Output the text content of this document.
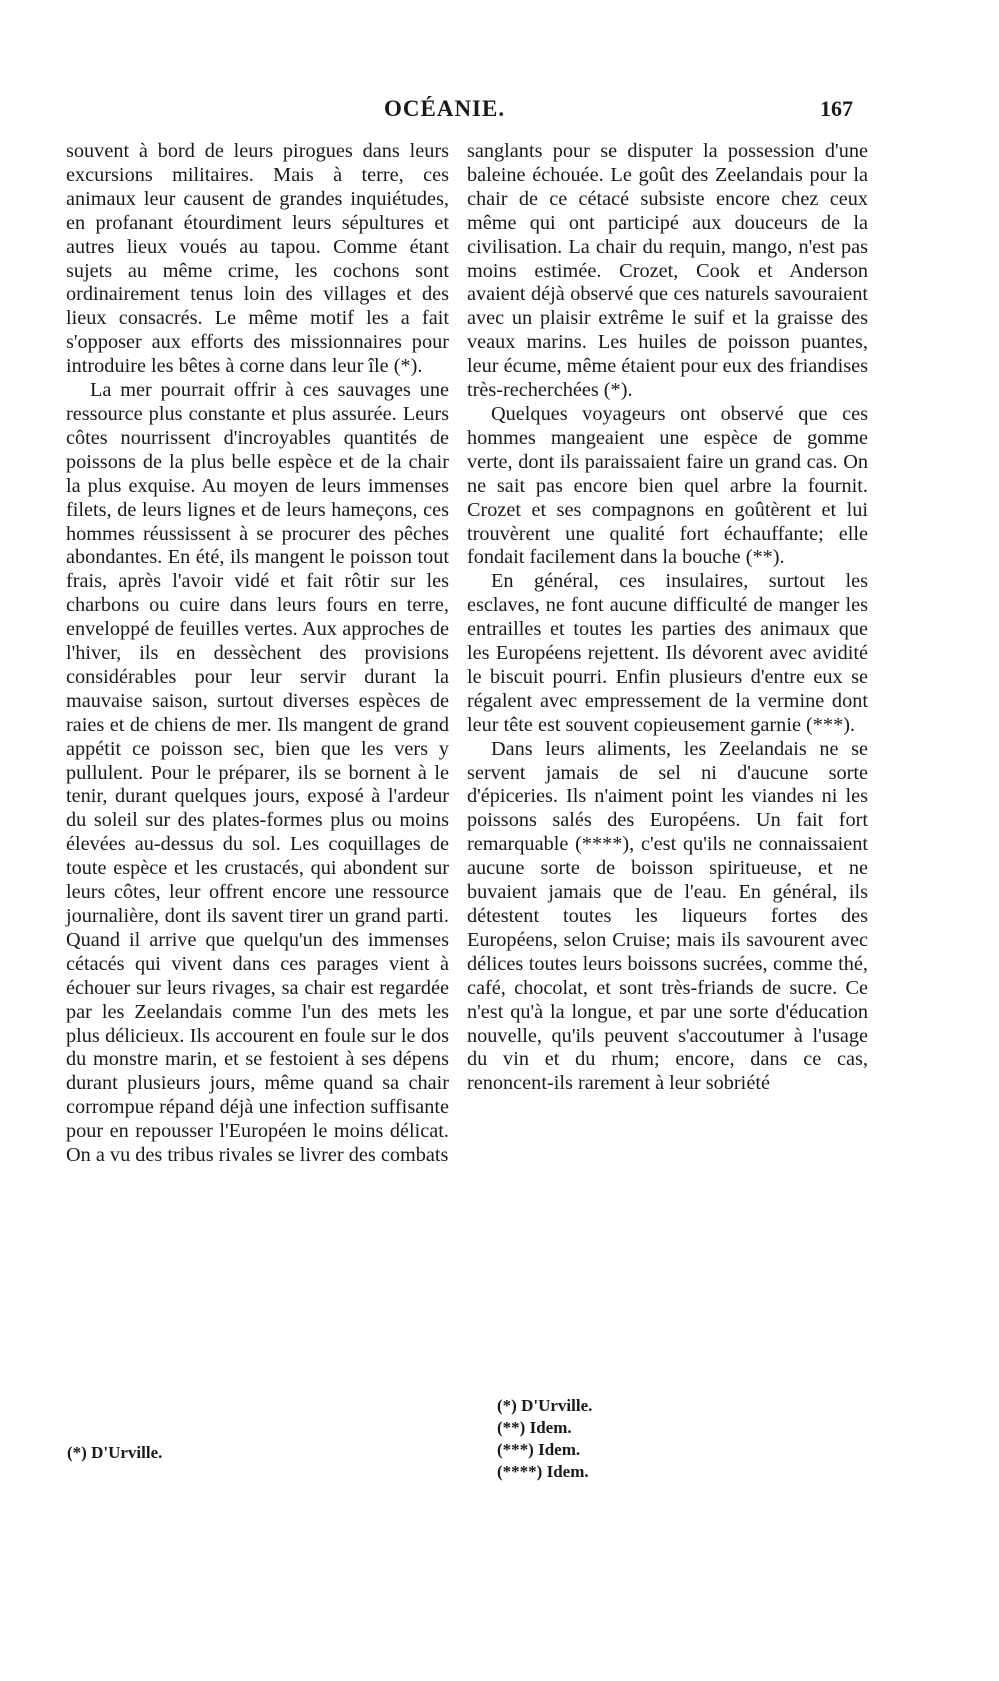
OCÉANIE.	167

souvent à bord de leurs pirogues dans leurs excursions militaires. Mais à terre, ces animaux leur causent de grandes inquiétudes, en profanant étourdiment leurs sépultures et autres lieux voués au tapou. Comme étant sujets au même crime, les cochons sont ordinairement tenus loin des villages et des lieux consacrés. Le même motif les a fait s'opposer aux efforts des missionnaires pour introduire les bêtes à corne dans leur île (*).

La mer pourrait offrir à ces sauvages une ressource plus constante et plus assurée. Leurs côtes nourrissent d'incroyables quantités de poissons de la plus belle espèce et de la chair la plus exquise. Au moyen de leurs immenses filets, de leurs lignes et de leurs hameçons, ces hommes réussissent à se procurer des pêches abondantes. En été, ils mangent le poisson tout frais, après l'avoir vidé et fait rôtir sur les charbons ou cuire dans leurs fours en terre, enveloppé de feuilles vertes. Aux approches de l'hiver, ils en dessèchent des provisions considérables pour leur servir durant la mauvaise saison, surtout diverses espèces de raies et de chiens de mer. Ils mangent de grand appétit ce poisson sec, bien que les vers y pullulent. Pour le préparer, ils se bornent à le tenir, durant quelques jours, exposé à l'ardeur du soleil sur des plates-formes plus ou moins élevées au-dessus du sol. Les coquillages de toute espèce et les crustacés, qui abondent sur leurs côtes, leur offrent encore une ressource journalière, dont ils savent tirer un grand parti. Quand il arrive que quelqu'un des immenses cétacés qui vivent dans ces parages vient à échouer sur leurs rivages, sa chair est regardée par les Zeelandais comme l'un des mets les plus délicieux. Ils accourent en foule sur le dos du monstre marin, et se festoient à ses dépens durant plusieurs jours, même quand sa chair corrompue répand déjà une infection suffisante pour en repousser l'Européen le moins délicat. On a vu des tribus rivales se livrer des combats

sanglants pour se disputer la possession d'une baleine échouée. Le goût des Zeelandais pour la chair de ce cétacé subsiste encore chez ceux même qui ont participé aux douceurs de la civilisation. La chair du requin, mango, n'est pas moins estimée. Crozet, Cook et Anderson avaient déjà observé que ces naturels savouraient avec un plaisir extrême le suif et la graisse des veaux marins. Les huiles de poisson puantes, leur écume, même étaient pour eux des friandises très-recherchées (*).

Quelques voyageurs ont observé que ces hommes mangeaient une espèce de gomme verte, dont ils paraissaient faire un grand cas. On ne sait pas encore bien quel arbre la fournit. Crozet et ses compagnons en goûtèrent et lui trouvèrent une qualité fort échauffante; elle fondait facilement dans la bouche (**).

En général, ces insulaires, surtout les esclaves, ne font aucune difficulté de manger les entrailles et toutes les parties des animaux que les Européens rejettent. Ils dévorent avec avidité le biscuit pourri. Enfin plusieurs d'entre eux se régalent avec empressement de la vermine dont leur tête est souvent copieusement garnie (***).

Dans leurs aliments, les Zeelandais ne se servent jamais de sel ni d'aucune sorte d'épiceries. Ils n'aiment point les viandes ni les poissons salés des Européens. Un fait fort remarquable (****), c'est qu'ils ne connaissaient aucune sorte de boisson spiritueuse, et ne buvaient jamais que de l'eau. En général, ils détestent toutes les liqueurs fortes des Européens, selon Cruise; mais ils savourent avec délices toutes leurs boissons sucrées, comme thé, café, chocolat, et sont très-friands de sucre. Ce n'est qu'à la longue, et par une sorte d'éducation nouvelle, qu'ils peuvent s'accoutumer à l'usage du vin et du rhum; encore, dans ce cas, renoncent-ils rarement à leur sobriété

(*) D'Urville.
(*) D'Urville.
(**) Idem.
(***) Idem.
(****) Idem.
